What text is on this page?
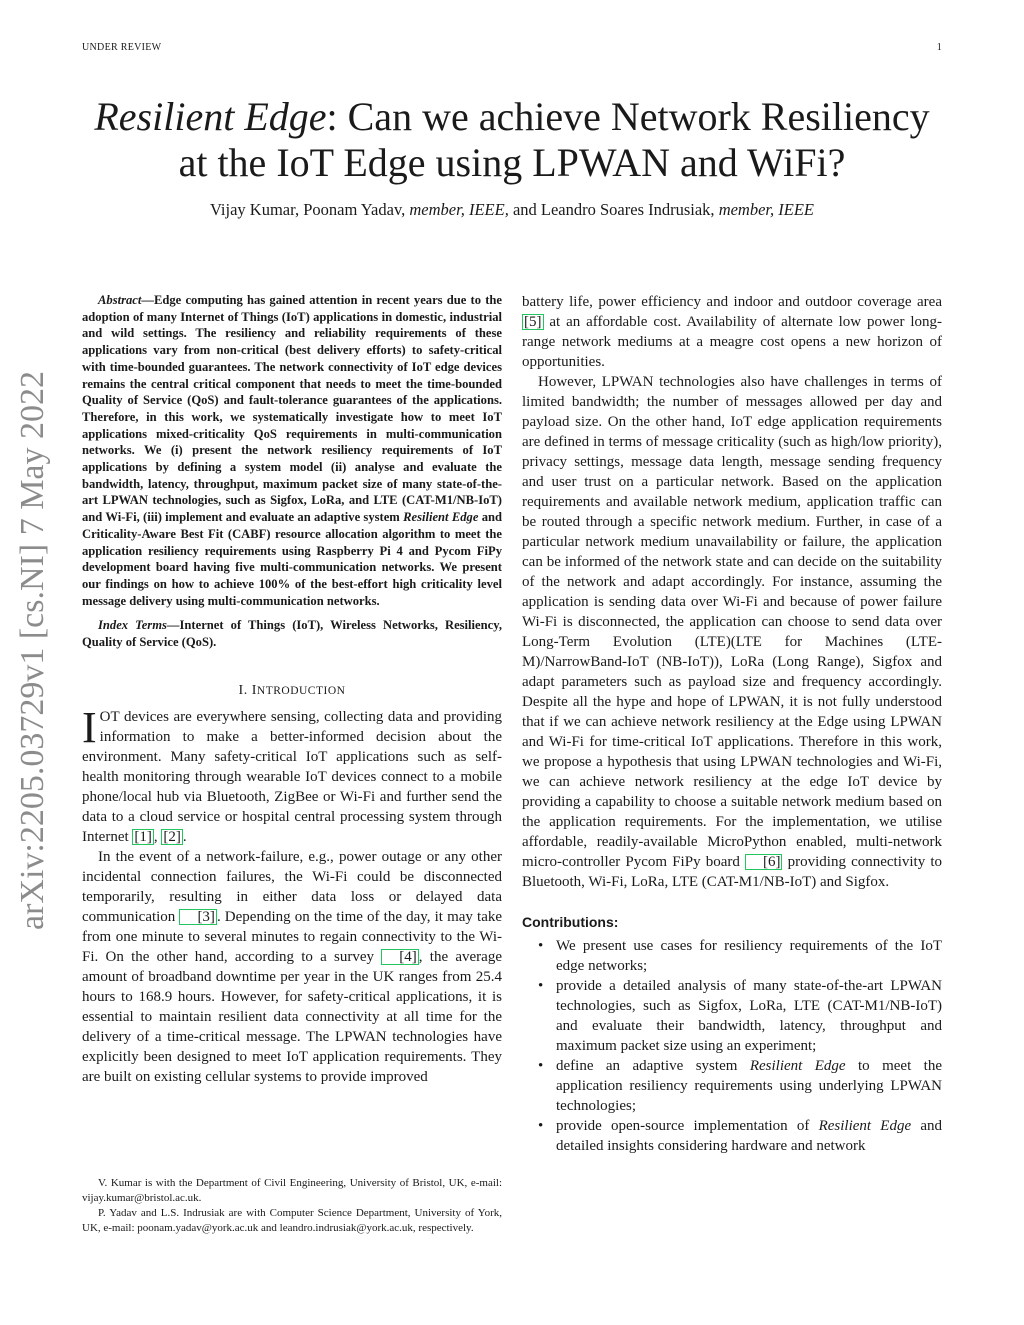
UNDER REVIEW	1
arXiv:2205.03729v1 [cs.NI] 7 May 2022
Resilient Edge: Can we achieve Network Resiliency
at the IoT Edge using LPWAN and WiFi?
Vijay Kumar, Poonam Yadav, member, IEEE, and Leandro Soares Indrusiak, member, IEEE

Abstract—Edge computing has gained attention in recent years due to the adoption of many Internet of Things (IoT) applications in domestic, industrial and wild settings. The resiliency and reliability requirements of these applications vary from non-critical (best delivery efforts) to safety-critical with time-bounded guarantees. The network connectivity of IoT edge devices remains the central critical component that needs to meet the time-bounded Quality of Service (QoS) and fault-tolerance guarantees of the applications. Therefore, in this work, we systematically investigate how to meet IoT applications mixed-criticality QoS requirements in multi-communication networks. We (i) present the network resiliency requirements of IoT applications by defining a system model (ii) analyse and evaluate the bandwidth, latency, throughput, maximum packet size of many state-of-the-art LPWAN technologies, such as Sigfox, LoRa, and LTE (CAT-M1/NB-IoT) and Wi-Fi, (iii) implement and evaluate an adaptive system Resilient Edge and Criticality-Aware Best Fit (CABF) resource allocation algorithm to meet the application resiliency requirements using Raspberry Pi 4 and Pycom FiPy development board having five multi-communication networks. We present our findings on how to achieve 100% of the best-effort high criticality level message delivery using multi-communication networks.

Index Terms—Internet of Things (IoT), Wireless Networks, Resiliency, Quality of Service (QoS).

I. INTRODUCTION

IOT devices are everywhere sensing, collecting data and providing information to make a better-informed decision about the environment. Many safety-critical IoT applications such as self-health monitoring through wearable IoT devices connect to a mobile phone/local hub via Bluetooth, ZigBee or Wi-Fi and further send the data to a cloud service or hospital central processing system through Internet [1] , [2] .

In the event of a network-failure, e.g., power outage or any other incidental connection failures, the Wi-Fi could be disconnected temporarily, resulting in either data loss or delayed data communication [3] . Depending on the time of the day, it may take from one minute to several minutes to regain connectivity to the Wi-Fi. On the other hand, according to a survey [4] , the average amount of broadband downtime per year in the UK ranges from 25.4 hours to 168.9 hours. However, for safety-critical applications, it is essential to maintain resilient data connectivity at all time for the delivery of a time-critical message. The LPWAN technologies have explicitly been designed to meet IoT application requirements. They are built on existing cellular systems to provide improved

V. Kumar is with the Department of Civil Engineering, University of Bristol, UK, e-mail: vijay.kumar@bristol.ac.uk.

P. Yadav and L.S. Indrusiak are with Computer Science Department, University of York, UK, e-mail: poonam.yadav@york.ac.uk and leandro.indrusiak@york.ac.uk, respectively.

battery life, power efficiency and indoor and outdoor coverage area [5] at an affordable cost. Availability of alternate low power long-range network mediums at a meagre cost opens a new horizon of opportunities.

However, LPWAN technologies also have challenges in terms of limited bandwidth; the number of messages allowed per day and payload size. On the other hand, IoT edge application requirements are defined in terms of message criticality (such as high/low priority), privacy settings, message data length, message sending frequency and user trust on a particular network. Based on the application requirements and available network medium, application traffic can be routed through a specific network medium. Further, in case of a particular network medium unavailability or failure, the application can be informed of the network state and can decide on the suitability of the network and adapt accordingly. For instance, assuming the application is sending data over Wi-Fi and because of power failure Wi-Fi is disconnected, the application can choose to send data over Long-Term Evolution (LTE)(LTE for Machines (LTE-M)/NarrowBand-IoT (NB-IoT)), LoRa (Long Range), Sigfox and adapt parameters such as payload size and frequency accordingly. Despite all the hype and hope of LPWAN, it is not fully understood that if we can achieve network resiliency at the Edge using LPWAN and Wi-Fi for time-critical IoT applications. Therefore in this work, we propose a hypothesis that using LPWAN technologies and Wi-Fi, we can achieve network resiliency at the edge IoT device by providing a capability to choose a suitable network medium based on the application requirements. For the implementation, we utilise affordable, readily-available MicroPython enabled, multi-network micro-controller Pycom FiPy board [6] providing connectivity to Bluetooth, Wi-Fi, LoRa, LTE (CAT-M1/NB-IoT) and Sigfox.

Contributions:
• We present use cases for resiliency requirements of the IoT edge networks;
• provide a detailed analysis of many state-of-the-art LPWAN technologies, such as Sigfox, LoRa, LTE (CAT-M1/NB-IoT) and evaluate their bandwidth, latency, throughput and maximum packet size using an experiment;
• define an adaptive system Resilient Edge to meet the application resiliency requirements using underlying LPWAN technologies;
• provide open-source implementation of Resilient Edge and detailed insights considering hardware and network
